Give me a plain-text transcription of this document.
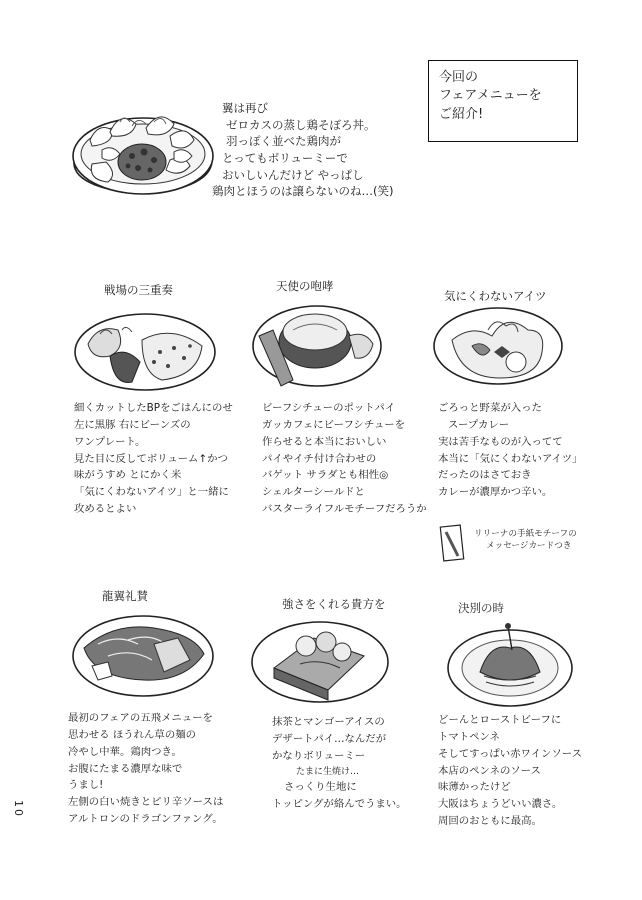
今回の
フェアメニューを
ご紹介!
翼は再び
ゼロカスの蒸し鶏そぼろ丼。
羽っぽく並べた鶏肉が
とってもボリューミーで
おいしいんだけど やっぱし
鶏肉とほうのは譲らないのね…(笑)
戦場の三重奏
細くカットしたBPをごはんにのせ
左に黒豚 右にビーンズの
ワンプレート。
見た目に反してボリューム↑かつ
味がうすめ とにかく米
「気にくわないアイツ」と一緒に
攻めるとよい
天使の咆哮
ビーフシチューのポットパイ
ガッカフェにビーフシチューを
作らせると本当においしい
パイやイチ付け合わせの
バゲット サラダとも相性◎
シェルターシールドと
バスターライフルモチーフだろうか
気にくわないアイツ
ごろっと野菜が入った
スープカレー
実は苦手なものが入ってて
本当に「気にくわないアイツ」
だったのはさておき
カレーが濃厚かつ辛い。
リリーナの手紙モチーフの
メッセージカードつき
龍翼礼賛
最初のフェアの五飛メニューを
思わせる ほうれん草の麺の
冷やし中華。鶏肉つき。
お腹にたまる濃厚な味で
うまし!
左側の白い焼きとピリ辛ソースは
アルトロンのドラゴンファング。
強さをくれる貴方を
抹茶とマンゴーアイスの
デザートパイ…なんだが
かなりボリューミー
たまに生焼け…
さっくり生地に
トッピングが絡んでうまい。
決別の時
どーんとローストビーフに
トマトペンネ
そしてすっぱい赤ワインソース
本店のペンネのソース
味薄かったけど
大阪はちょうどいい濃さ。
周回のおともに最高。
10
